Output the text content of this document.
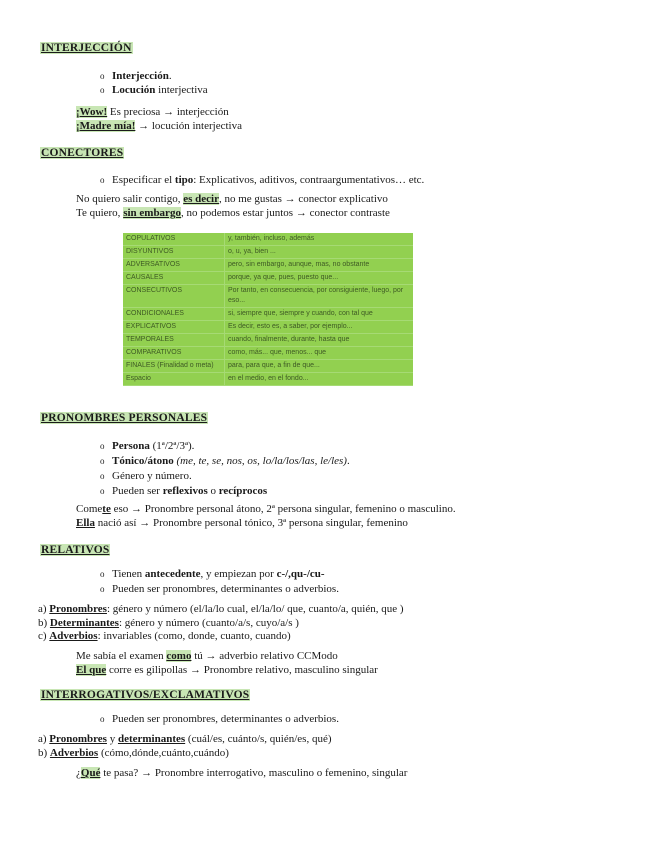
INTERJECCIÓN
o Interjección.
o Locución interjectiva
¡Wow! Es preciosa → interjección
¡Madre mía! → locución interjectiva
CONECTORES
o Especificar el tipo: Explicativos, aditivos, contraargumentativos… etc.
No quiero salir contigo, es decir, no me gustas → conector explicativo
Te quiero, sin embargo, no podemos estar juntos → conector contraste
COPULATIVOS	y, también, incluso, además
DISYUNTIVOS	o, u, ya, bien ...
ADVERSATIVOS	pero, sin embargo, aunque, mas, no obstante
CAUSALES	porque, ya que, pues, puesto que...
CONSECUTIVOS	Por tanto, en consecuencia, por consiguiente, luego, por eso...
CONDICIONALES	si, siempre que, siempre y cuando, con tal que
EXPLICATIVOS	Es decir, esto es, a saber, por ejemplo...
TEMPORALES	cuando, finalmente, durante, hasta que
COMPARATIVOS	como, más... que, menos... que
FINALES (Finalidad o meta)	para, para que, a fin de que...
Espacio	en el medio, en el fondo...
PRONOMBRES PERSONALES
o Persona (1ª/2ª/3ª).
o Tónico/átono (me, te, se, nos, os, lo/la/los/las, le/les).
o Género y número.
o Pueden ser reflexivos o recíprocos
Comete eso → Pronombre personal átono, 2ª persona singular, femenino o masculino.
Ella nació así → Pronombre personal tónico, 3ª persona singular, femenino
RELATIVOS
o Tienen antecedente, y empiezan por c-/,qu-/cu-
o Pueden ser pronombres, determinantes o adverbios.
a) Pronombres: género y número (el/la/lo cual, el/la/lo/ que, cuanto/a, quién, que )
b) Determinantes: género y número (cuanto/a/s, cuyo/a/s )
c) Adverbios: invariables (como, donde, cuanto, cuando)
Me sabía el examen como tú → adverbio relativo CCModo
El que corre es gilipollas → Pronombre relativo, masculino singular
INTERROGATIVOS/EXCLAMATIVOS
o Pueden ser pronombres, determinantes o adverbios.
a) Pronombres y determinantes (cuál/es, cuánto/s, quién/es, qué)
b) Adverbios (cómo,dónde,cuánto,cuándo)
¿Qué te pasa? → Pronombre interrogativo, masculino o femenino, singular
